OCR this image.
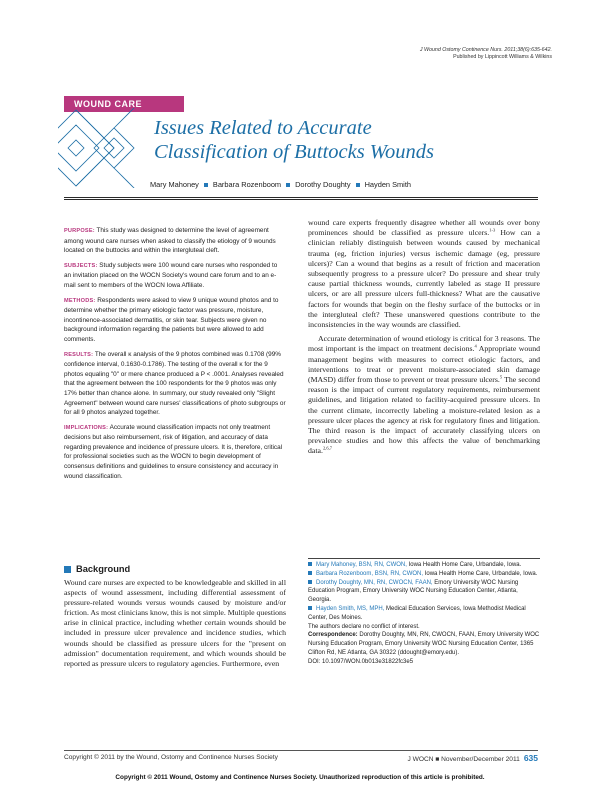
J Wound Ostomy Continence Nurs. 2011;38(6):635-642.
Published by Lippincott Williams & Wilkins
WOUND CARE
Issues Related to Accurate
Classification of Buttocks Wounds
Mary Mahoney Barbara Rozenboom Dorothy Doughty Hayden Smith

PURPOSE: This study was designed to determine the level of agreement among wound care nurses when asked to classify the etiology of 9 wounds located on the buttocks and within the intergluteal cleft.

SUBJECTS: Study subjects were 100 wound care nurses who responded to an invitation placed on the WOCN Society's wound care forum and to an e-mail sent to members of the WOCN Iowa Affiliate.

METHODS: Respondents were asked to view 9 unique wound photos and to determine whether the primary etiologic factor was pressure, moisture, incontinence-associated dermatitis, or skin tear. Subjects were given no background information regarding the patients but were allowed to add comments.

RESULTS: The overall κ analysis of the 9 photos combined was 0.1708 (99% confidence interval, 0.1630-0.1786). The testing of the overall κ for the 9 photos equaling "0" or mere chance produced a P < .0001. Analyses revealed that the agreement between the 100 respondents for the 9 photos was only 17% better than chance alone. In summary, our study revealed only "Slight Agreement" between wound care nurses' classifications of photo subgroups or for all 9 photos analyzed together.

IMPLICATIONS: Accurate wound classification impacts not only treatment decisions but also reimbursement, risk of litigation, and accuracy of data regarding prevalence and incidence of pressure ulcers. It is, therefore, critical for professional societies such as the WOCN to begin development of consensus definitions and guidelines to ensure consistency and accuracy in wound classification.

wound care experts frequently disagree whether all wounds over bony prominences should be classified as pressure ulcers.$^{1-3}$ How can a clinician reliably distinguish between wounds caused by mechanical trauma (eg, friction injuries) versus ischemic damage (eg, pressure ulcers)? Can a wound that begins as a result of friction and maceration subsequently progress to a pressure ulcer? Do pressure and shear truly cause partial thickness wounds, currently labeled as stage II pressure ulcers, or are all pressure ulcers full-thickness? What are the causative factors for wounds that begin on the fleshy surface of the buttocks or in the intergluteal cleft? These unanswered questions contribute to the inconsistencies in the way wounds are classified.

Accurate determination of wound etiology is critical for 3 reasons. The most important is the impact on treatment decisions.$^4$ Appropriate wound management begins with measures to correct etiologic factors, and interventions to treat or prevent moisture-associated skin damage (MASD) differ from those to prevent or treat pressure ulcers.$^5$ The second reason is the impact of current regulatory requirements, reimbursement guidelines, and litigation related to facility-acquired pressure ulcers. In the current climate, incorrectly labeling a moisture-related lesion as a pressure ulcer places the agency at risk for regulatory fines and litigation. The third reason is the impact of accurately classifying ulcers on prevalence studies and how this affects the value of benchmarking data.$^{2,6,7}$

Background

Wound care nurses are expected to be knowledgeable and skilled in all aspects of wound assessment, including differential assessment of pressure-related wounds versus wounds caused by moisture and/or friction. As most clinicians know, this is not simple. Multiple questions arise in clinical practice, including whether certain wounds should be included in pressure ulcer prevalence and incidence studies, which wounds should be classified as pressure ulcers for the "present on admission" documentation requirement, and which wounds should be reported as pressure ulcers to regulatory agencies. Furthermore, even

Mary Mahoney, BSN, RN, CWON, Iowa Health Home Care, Urbandale, Iowa.

Barbara Rozenboom, BSN, RN, CWON, Iowa Health Home Care, Urbandale, Iowa.

Dorothy Doughty, MN, RN, CWOCN, FAAN, Emory University WOC Nursing Education Program, Emory University WOC Nursing Education Center, Atlanta, Georgia.

Hayden Smith, MS, MPH, Medical Education Services, Iowa Methodist Medical Center, Des Moines.

The authors declare no conflict of interest.

Correspondence: Dorothy Doughty, MN, RN, CWOCN, FAAN, Emory University WOC Nursing Education Program, Emory University WOC Nursing Education Center, 1365 Clifton Rd, NE Atlanta, GA 30322 (ddought@emory.edu).

DOI: 10.1097/WON.0b013e31822fc3e5

Copyright © 2011 by the Wound, Ostomy and Continence Nurses Society	J WOCN ■ November/December 2011 635
Copyright © 2011 Wound, Ostomy and Continence Nurses Society. Unauthorized reproduction of this article is prohibited.
